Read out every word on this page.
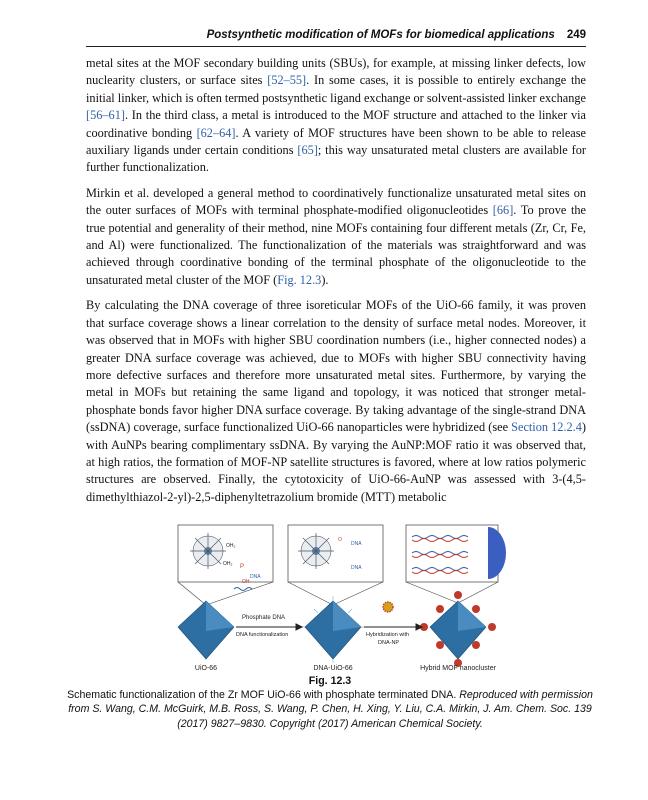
Postsynthetic modification of MOFs for biomedical applications 249

metal sites at the MOF secondary building units (SBUs), for example, at missing linker defects, low nuclearity clusters, or surface sites [52–55]. In some cases, it is possible to entirely exchange the initial linker, which is often termed postsynthetic ligand exchange or solvent-assisted linker exchange [56–61]. In the third class, a metal is introduced to the MOF structure and attached to the linker via coordinative bonding [62–64]. A variety of MOF structures have been shown to be able to release auxiliary ligands under certain conditions [65]; this way unsaturated metal clusters are available for further functionalization.

Mirkin et al. developed a general method to coordinatively functionalize unsaturated metal sites on the outer surfaces of MOFs with terminal phosphate-modified oligonucleotides [66]. To prove the true potential and generality of their method, nine MOFs containing four different metals (Zr, Cr, Fe, and Al) were functionalized. The functionalization of the materials was straightforward and was achieved through coordinative bonding of the terminal phosphate of the oligonucleotide to the unsaturated metal cluster of the MOF (Fig. 12.3).

By calculating the DNA coverage of three isoreticular MOFs of the UiO-66 family, it was proven that surface coverage shows a linear correlation to the density of surface metal nodes. Moreover, it was observed that in MOFs with higher SBU coordination numbers (i.e., higher connected nodes) a greater DNA surface coverage was achieved, due to MOFs with higher SBU connectivity having more defective surfaces and therefore more unsaturated metal sites. Furthermore, by varying the metal in MOFs but retaining the same ligand and topology, it was noticed that stronger metal-phosphate bonds favor higher DNA surface coverage. By taking advantage of the single-strand DNA (ssDNA) coverage, surface functionalized UiO-66 nanoparticles were hybridized (see Section 12.2.4) with AuNPs bearing complimentary ssDNA. By varying the AuNP:MOF ratio it was observed that, at high ratios, the formation of MOF-NP satellite structures is favored, where at low ratios polymeric structures are observed. Finally, the cytotoxicity of UiO-66-AuNP was assessed with 3-(4,5-dimethylthiazol-2-yl)-2,5-diphenyltetrazolium bromide (MTT) metabolic

OH₂
OH₂ P
DNA
OH
O
DNA
DNA
Phosphate DNA
DNA functionalization	Hybridization with
DNA-NP
UiO-66	DNA-UiO-66	Hybrid MOF nanocluster
Fig. 12.3
Schematic functionalization of the Zr MOF UiO-66 with phosphate terminated DNA. Reproduced with permission from S. Wang, C.M. McGuirk, M.B. Ross, S. Wang, P. Chen, H. Xing, Y. Liu, C.A. Mirkin, J. Am. Chem. Soc. 139 (2017) 9827–9830. Copyright (2017) American Chemical Society.
